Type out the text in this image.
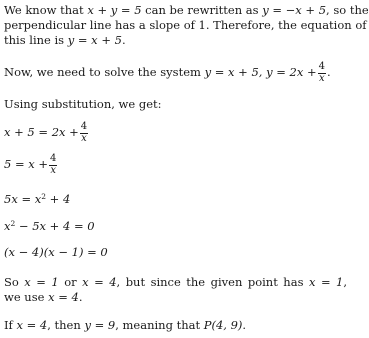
We know that x + y = 5 can be rewritten as y = −x + 5, so the
perpendicular line has a slope of 1. Therefore, the equation of
this line is y = x + 5.
Now, we need to solve the system y = x + 5, $y = 2x + \frac{4}{x}$ .
Using substitution, we get:
$x + 5 = 2x + \frac{4}{x}$
$5 = x + \frac{4}{x}$
$5x = x^2 + 4$
$x^2 - 5x + 4 = 0$
(x − 4)(x − 1) = 0
So x = 1 or x = 4, but since the given point has x = 1,
we use x = 4.
If x = 4, then y = 9, meaning that P(4, 9).
